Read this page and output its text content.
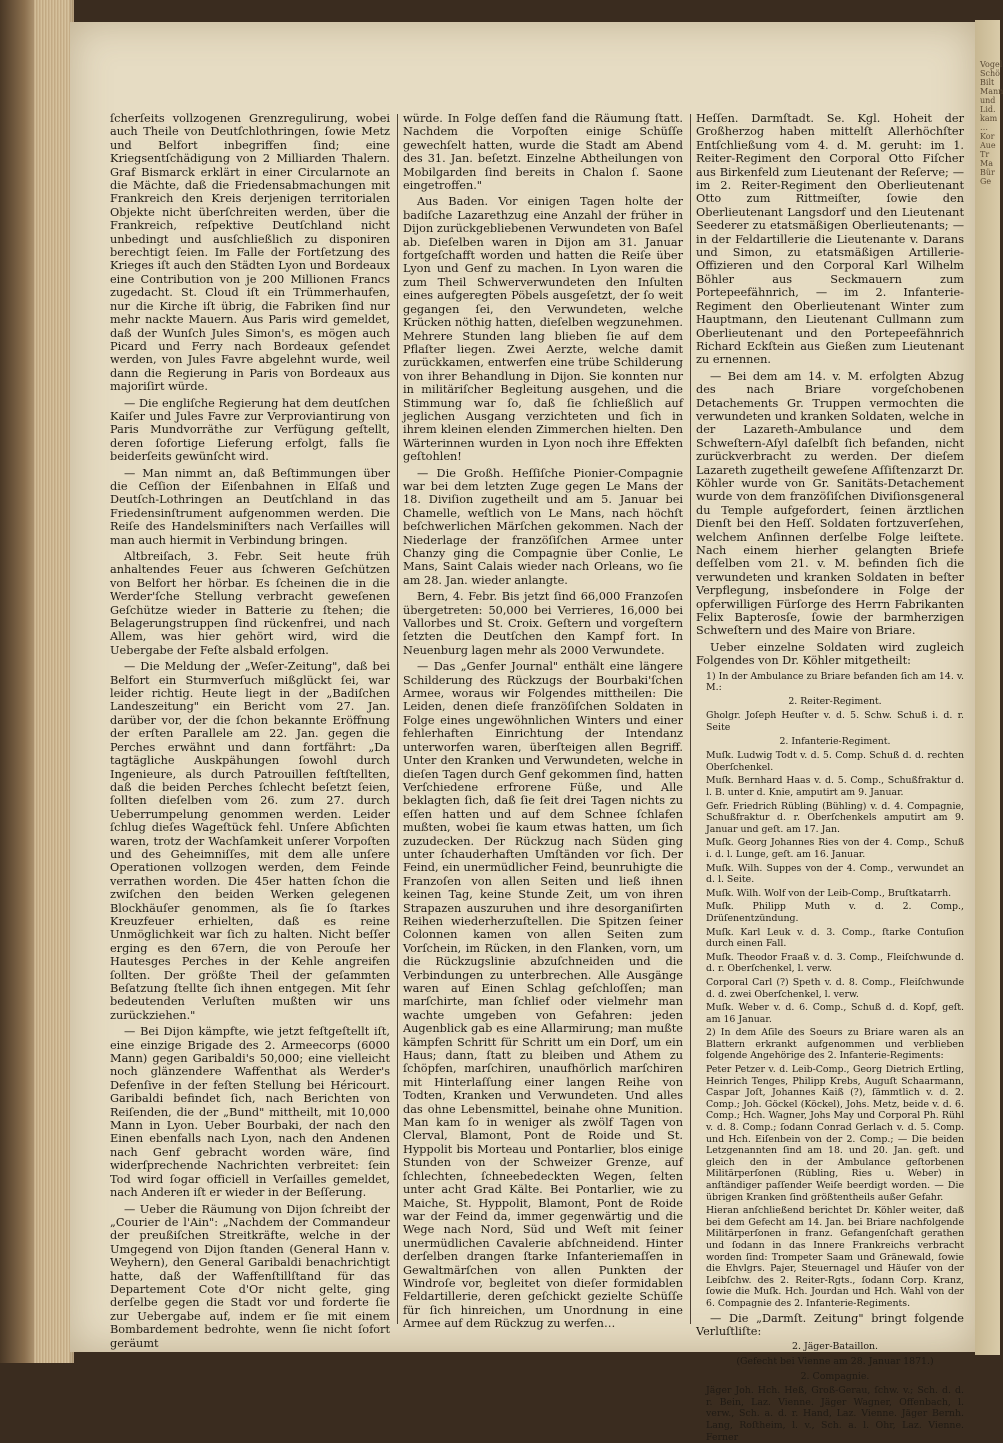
ſcherſeits vollzogenen Grenzregulirung, wobei auch Theile von Deutſchlothringen, ſowie Metz und Belfort inbegriffen ſind; eine Kriegsentſchädigung von 2 Milliarden Thalern. Graf Bismarck erklärt in einer Circularnote an die Mächte, daß die Friedensabmachungen mit Frankreich den Kreis derjenigen territorialen Objekte nicht überſchreiten werden, über die Frankreich, reſpektive Deutſchland nicht unbedingt und ausſchließlich zu disponiren berechtigt ſeien. Im Falle der Fortſetzung des Krieges iſt auch den Städten Lyon und Bordeaux eine Contribution von je 200 Millionen Francs zugedacht. St. Cloud iſt ein Trümmerhaufen, nur die Kirche iſt übrig, die Fabriken ſind nur mehr nackte Mauern. Aus Paris wird gemeldet, daß der Wunſch Jules Simon's, es mögen auch Picard und Ferry nach Bordeaux geſendet werden, von Jules Favre abgelehnt wurde, weil dann die Regierung in Paris von Bordeaux aus majoriſirt würde.

— Die engliſche Regierung hat dem deutſchen Kaiſer und Jules Favre zur Verproviantirung von Paris Mundvorräthe zur Verfügung geſtellt, deren ſofortige Lieferung erfolgt, falls ſie beiderſeits gewünſcht wird.

— Man nimmt an, daß Beſtimmungen über die Ceſſion der Eiſenbahnen in Elſaß und Deutſch-Lothringen an Deutſchland in das Friedensinſtrument aufgenommen werden. Die Reiſe des Handelsminiſters nach Verſailles will man auch hiermit in Verbindung bringen.

Altbreiſach, 3. Febr. Seit heute früh anhaltendes Feuer aus ſchweren Geſchützen von Belfort her hörbar. Es ſcheinen die in die Werder'ſche Stellung verbracht geweſenen Geſchütze wieder in Batterie zu ſtehen; die Belagerungstruppen ſind rückenfrei, und nach Allem, was hier gehört wird, wird die Uebergabe der Feſte alsbald erfolgen.

— Die Meldung der „Weſer-Zeitung", daß bei Belfort ein Sturmverſuch mißglückt ſei, war leider richtig. Heute liegt in der „Badiſchen Landeszeitung" ein Bericht vom 27. Jan. darüber vor, der die ſchon bekannte Eröffnung der erſten Parallele am 22. Jan. gegen die Perches erwähnt und dann fortfährt: „Da tagtägliche Auskpähungen ſowohl durch Ingenieure, als durch Patrouillen feſtſtellten, daß die beiden Perches ſchlecht beſetzt ſeien, ſollten dieſelben vom 26. zum 27. durch Ueberrumpelung genommen werden. Leider ſchlug dieſes Wageſtück fehl. Unſere Abſichten waren, trotz der Wachſamkeit unſerer Vorpoſten und des Geheimniſſes, mit dem alle unſere Operationen vollzogen werden, dem Feinde verrathen worden. Die 45er hatten ſchon die zwiſchen den beiden Werken gelegenen Blockhäuſer genommen, als ſie ſo ſtarkes Kreuzfeuer erhielten, daß es reine Unmöglichkeit war ſich zu halten. Nicht beſſer erging es den 67ern, die von Perouſe her Hautesges Perches in der Kehle angreifen ſollten. Der größte Theil der geſammten Beſatzung ſtellte ſich ihnen entgegen. Mit ſehr bedeutenden Verluſten mußten wir uns zurückziehen."

— Bei Dijon kämpfte, wie jetzt feſtgeſtellt iſt, eine einzige Brigade des 2. Armeecorps (6000 Mann) gegen Garibaldi's 50,000; eine vielleicht noch glänzendere Waffenthat als Werder's Defenſive in der feſten Stellung bei Héricourt. Garibaldi befindet ſich, nach Berichten von Reiſenden, die der „Bund" mittheilt, mit 10,000 Mann in Lyon. Ueber Bourbaki, der nach den Einen ebenfalls nach Lyon, nach den Andenen nach Genf gebracht worden wäre, ſind widerſprechende Nachrichten verbreitet: ſein Tod wird ſogar officiell in Verſailles gemeldet, nach Anderen iſt er wieder in der Beſſerung.

— Ueber die Räumung von Dijon ſchreibt der „Courier de l'Ain": „Nachdem der Commandeur der preußiſchen Streitkräfte, welche in der Umgegend von Dijon ſtanden (General Hann v. Weyhern), den General Garibaldi benachrichtigt hatte, daß der Waffenſtillſtand für das Departement Cote d'Or nicht gelte, ging derſelbe gegen die Stadt vor und forderte ſie zur Uebergabe auf, indem er ſie mit einem Bombardement bedrohte, wenn ſie nicht ſofort geräumt

würde. In Folge deſſen fand die Räumung ſtatt. Nachdem die Vorpoſten einige Schüſſe gewechſelt hatten, wurde die Stadt am Abend des 31. Jan. beſetzt. Einzelne Abtheilungen von Mobilgarden ſind bereits in Chalon ſ. Saone eingetroffen."

Aus Baden. Vor einigen Tagen holte der badiſche Lazarethzug eine Anzahl der früher in Dijon zurückgebliebenen Verwundeten von Baſel ab. Dieſelben waren in Dijon am 31. Januar fortgeſchafft worden und hatten die Reiſe über Lyon und Genf zu machen. In Lyon waren die zum Theil Schwerverwundeten den Inſulten eines aufgeregten Pöbels ausgeſetzt, der ſo weit gegangen ſei, den Verwundeten, welche Krücken nöthig hatten, dieſelben wegzunehmen. Mehrere Stunden lang blieben ſie auf dem Pflaſter liegen. Zwei Aerzte, welche damit zurückkamen, entwerfen eine trübe Schilderung von ihrer Behandlung in Dijon. Sie konnten nur in militäriſcher Begleitung ausgehen, und die Stimmung war ſo, daß ſie ſchließlich auf jeglichen Ausgang verzichteten und ſich in ihrem kleinen elenden Zimmerchen hielten. Den Wärterinnen wurden in Lyon noch ihre Effekten geſtohlen!

— Die Großh. Heſſiſche Pionier-Compagnie war bei dem letzten Zuge gegen Le Mans der 18. Diviſion zugetheilt und am 5. Januar bei Chamelle, weſtlich von Le Mans, nach höchſt beſchwerlichen Märſchen gekommen. Nach der Niederlage der franzöſiſchen Armee unter Chanzy ging die Compagnie über Conlie, Le Mans, Saint Calais wieder nach Orleans, wo ſie am 28. Jan. wieder anlangte.

Bern, 4. Febr. Bis jetzt ſind 66,000 Franzoſen übergetreten: 50,000 bei Verrieres, 16,000 bei Vallorbes und St. Croix. Geſtern und vorgeſtern ſetzten die Deutſchen den Kampf fort. In Neuenburg lagen mehr als 2000 Verwundete.

— Das „Genfer Journal" enthält eine längere Schilderung des Rückzugs der Bourbaki'ſchen Armee, woraus wir Folgendes mittheilen: Die Leiden, denen dieſe franzöſiſchen Soldaten in Folge eines ungewöhnlichen Winters und einer fehlerhaften Einrichtung der Intendanz unterworfen waren, überſteigen allen Begriff. Unter den Kranken und Verwundeten, welche in dieſen Tagen durch Genf gekommen ſind, hatten Verſchiedene erfrorene Füße, und Alle beklagten ſich, daß ſie ſeit drei Tagen nichts zu eſſen hatten und auf dem Schnee ſchlafen mußten, wobei ſie kaum etwas hatten, um ſich zuzudecken. Der Rückzug nach Süden ging unter ſchauderhaften Umſtänden vor ſich. Der Feind, ein unermüdlicher Feind, beunruhigte die Franzoſen von allen Seiten und ließ ihnen keinen Tag, keine Stunde Zeit, um von ihren Strapazen auszuruhen und ihre desorganiſirten Reihen wiederherzuſtellen. Die Spitzen ſeiner Colonnen kamen von allen Seiten zum Vorſchein, im Rücken, in den Flanken, vorn, um die Rückzugslinie abzuſchneiden und die Verbindungen zu unterbrechen. Alle Ausgänge waren auf Einen Schlag geſchloſſen; man marſchirte, man ſchlief oder vielmehr man wachte umgeben von Gefahren: jeden Augenblick gab es eine Allarmirung; man mußte kämpfen Schritt für Schritt um ein Dorf, um ein Haus; dann, ſtatt zu bleiben und Athem zu ſchöpfen, marſchiren, unaufhörlich marſchiren mit Hinterlaſſung einer langen Reihe von Todten, Kranken und Verwundeten. Und alles das ohne Lebensmittel, beinahe ohne Munition. Man kam ſo in weniger als zwölf Tagen von Clerval, Blamont, Pont de Roide und St. Hyppolit bis Morteau und Pontarlier, blos einige Stunden von der Schweizer Grenze, auf ſchlechten, ſchneebedeckten Wegen, ſelten unter acht Grad Kälte. Bei Pontarlier, wie zu Maiche, St. Hyppolit, Blamont, Pont de Roide war der Feind da, immer gegenwärtig und die Wege nach Nord, Süd und Weſt mit ſeiner unermüdlichen Cavalerie abſchneidend. Hinter derſelben drangen ſtarke Infanteriemaſſen in Gewaltmärſchen von allen Punkten der Windroſe vor, begleitet von dieſer formidablen Feldartillerie, deren geſchickt gezielte Schüſſe für ſich hinreichen, um Unordnung in eine Armee auf dem Rückzug zu werfen…

Heſſen. Darmſtadt. Se. Kgl. Hoheit der Großherzog haben mittelſt Allerhöchſter Entſchließung vom 4. d. M. geruht: im 1. Reiter-Regiment den Corporal Otto Fiſcher aus Birkenfeld zum Lieutenant der Reſerve; — im 2. Reiter-Regiment den Oberlieutenant Otto zum Rittmeiſter, ſowie den Oberlieutenant Langsdorf und den Lieutenant Seederer zu etatsmäßigen Oberlieutenants; — in der Feldartillerie die Lieutenante v. Darans und Simon, zu etatsmäßigen Artillerie-Offizieren und den Corporal Karl Wilhelm Böhler aus Seckmauern zum Portepeefähnrich, — im 2. Infanterie-Regiment den Oberlieutenant Winter zum Hauptmann, den Lieutenant Cullmann zum Oberlieutenant und den Portepeefähnrich Richard Eckſtein aus Gießen zum Lieutenant zu ernennen.

— Bei dem am 14. v. M. erfolgten Abzug des nach Briare vorgeſchobenen Detachements Gr. Truppen vermochten die verwundeten und kranken Soldaten, welche in der Lazareth-Ambulance und dem Schweſtern-Aſyl daſelbſt ſich befanden, nicht zurückverbracht zu werden. Der dieſem Lazareth zugetheilt geweſene Aſſiſtenzarzt Dr. Köhler wurde von Gr. Sanitäts-Detachement wurde von dem franzöſiſchen Diviſionsgeneral du Temple aufgefordert, ſeinen ärztlichen Dienſt bei den Heſſ. Soldaten fortzuverſehen, welchem Anſinnen derſelbe Folge leiſtete. Nach einem hierher gelangten Briefe deſſelben vom 21. v. M. befinden ſich die verwundeten und kranken Soldaten in beſter Verpflegung, insbeſondere in Folge der opferwilligen Fürſorge des Herrn Fabrikanten Felix Bapterosſe, ſowie der barmherzigen Schweſtern und des Maire von Briare.

Ueber einzelne Soldaten wird zugleich Folgendes von Dr. Köhler mitgetheilt:

1) In der Ambulance zu Briare befanden ſich am 14. v. M.:

2. Reiter-Regiment.

Gholgr. Joſeph Heuſter v. d. 5. Schw. Schuß i. d. r. Seite

2. Infanterie-Regiment.

Muſk. Ludwig Todt v. d. 5. Comp. Schuß d. d. rechten Oberſchenkel.

Muſk. Bernhard Haas v. d. 5. Comp., Schußfraktur d. l. B. unter d. Knie, amputirt am 9. Januar.

Gefr. Friedrich Rübling (Bühling) v. d. 4. Compagnie, Schußfraktur d. r. Oberſchenkels amputirt am 9. Januar und geſt. am 17. Jan.

Muſk. Georg Johannes Ries von der 4. Comp., Schuß i. d. l. Lunge, geſt. am 16. Januar.

Muſk. Wilh. Suppes von der 4. Comp., verwundet an d. l. Seite.

Muſk. Wilh. Wolf von der Leib-Comp., Bruſtkatarrh.

Muſk. Philipp Muth v. d. 2. Comp., Drüſenentzündung.

Muſk. Karl Leuk v. d. 3. Comp., ſtarke Contuſion durch einen Fall.

Muſk. Theodor Fraaß v. d. 3. Comp., Fleiſchwunde d. d. r. Oberſchenkel, l. verw.

Corporal Carl (?) Speth v. d. 8. Comp., Fleiſchwunde d. d. zwei Oberſchenkel, l. verw.

Muſk. Weber v. d. 6. Comp., Schuß d. d. Kopf, geſt. am 16 Januar.

2) In dem Aſile des Soeurs zu Briare waren als an Blattern erkrankt aufgenommen und verblieben folgende Angehörige des 2. Infanterie-Regiments:

Peter Petzer v. d. Leib-Comp., Georg Dietrich Ertling, Heinrich Tenges, Philipp Krebs, Auguſt Schaarmann, Caspar Joſt, Johannes Kaiß (?), ſämmtlich v. d. 2. Comp.; Joh. Göckel (Köckel), Johs. Metz, beide v. d. 6. Comp.; Hch. Wagner, Johs May und Corporal Ph. Rühl v. d. 8. Comp.; ſodann Conrad Gerlach v. d. 5. Comp. und Hch. Eiſenbein von der 2. Comp.; — Die beiden Letzgenannten ſind am 18. und 20. Jan. geſt. und gleich den in der Ambulance geſtorbenen Militärperſonen (Rübling, Ries u. Weber) in anſtändiger paſſender Weiſe beerdigt worden. — Die übrigen Kranken ſind größtentheils außer Gefahr.

Hieran anſchließend berichtet Dr. Köhler weiter, daß bei dem Gefecht am 14. Jan. bei Briare nachfolgende Militärperſonen in franz. Gefangenſchaft gerathen und ſodann in das Innere Frankreichs verbracht worden ſind: Trompeter Saam und Gränewald, ſowie die Ehvlgrs. Pajer, Steuernagel und Häuſer von der Leibſchw. des 2. Reiter-Rgts., ſodann Corp. Kranz, ſowie die Muſk. Hch. Jourdan und Hch. Wahl von der 6. Compagnie des 2. Infanterie-Regiments.

— Die „Darmſt. Zeitung" bringt folgende Verluſtliſte:

2. Jäger-Bataillon.

(Gefecht bei Vienne am 28. Januar 1871.)

2. Compagnie.

Jäger Joh. Hch. Heß, Groß-Gerau, ſchw. v.; Sch. d. d. r. Bein, Laz. Vienne. Jäger Wagner, Offenbach, l. verw., Sch. a. d. r. Hand, Laz. Vienne. Jäger Bernh. Lang, Roſtheim, l. v., Sch. a. l. Ohr, Laz. Vienne. Ferner

Vogel
Schö
Bilt
Mann
und
Lid.
kam
…
Kor
Aue
Tr
Ma
Bür
Ge
